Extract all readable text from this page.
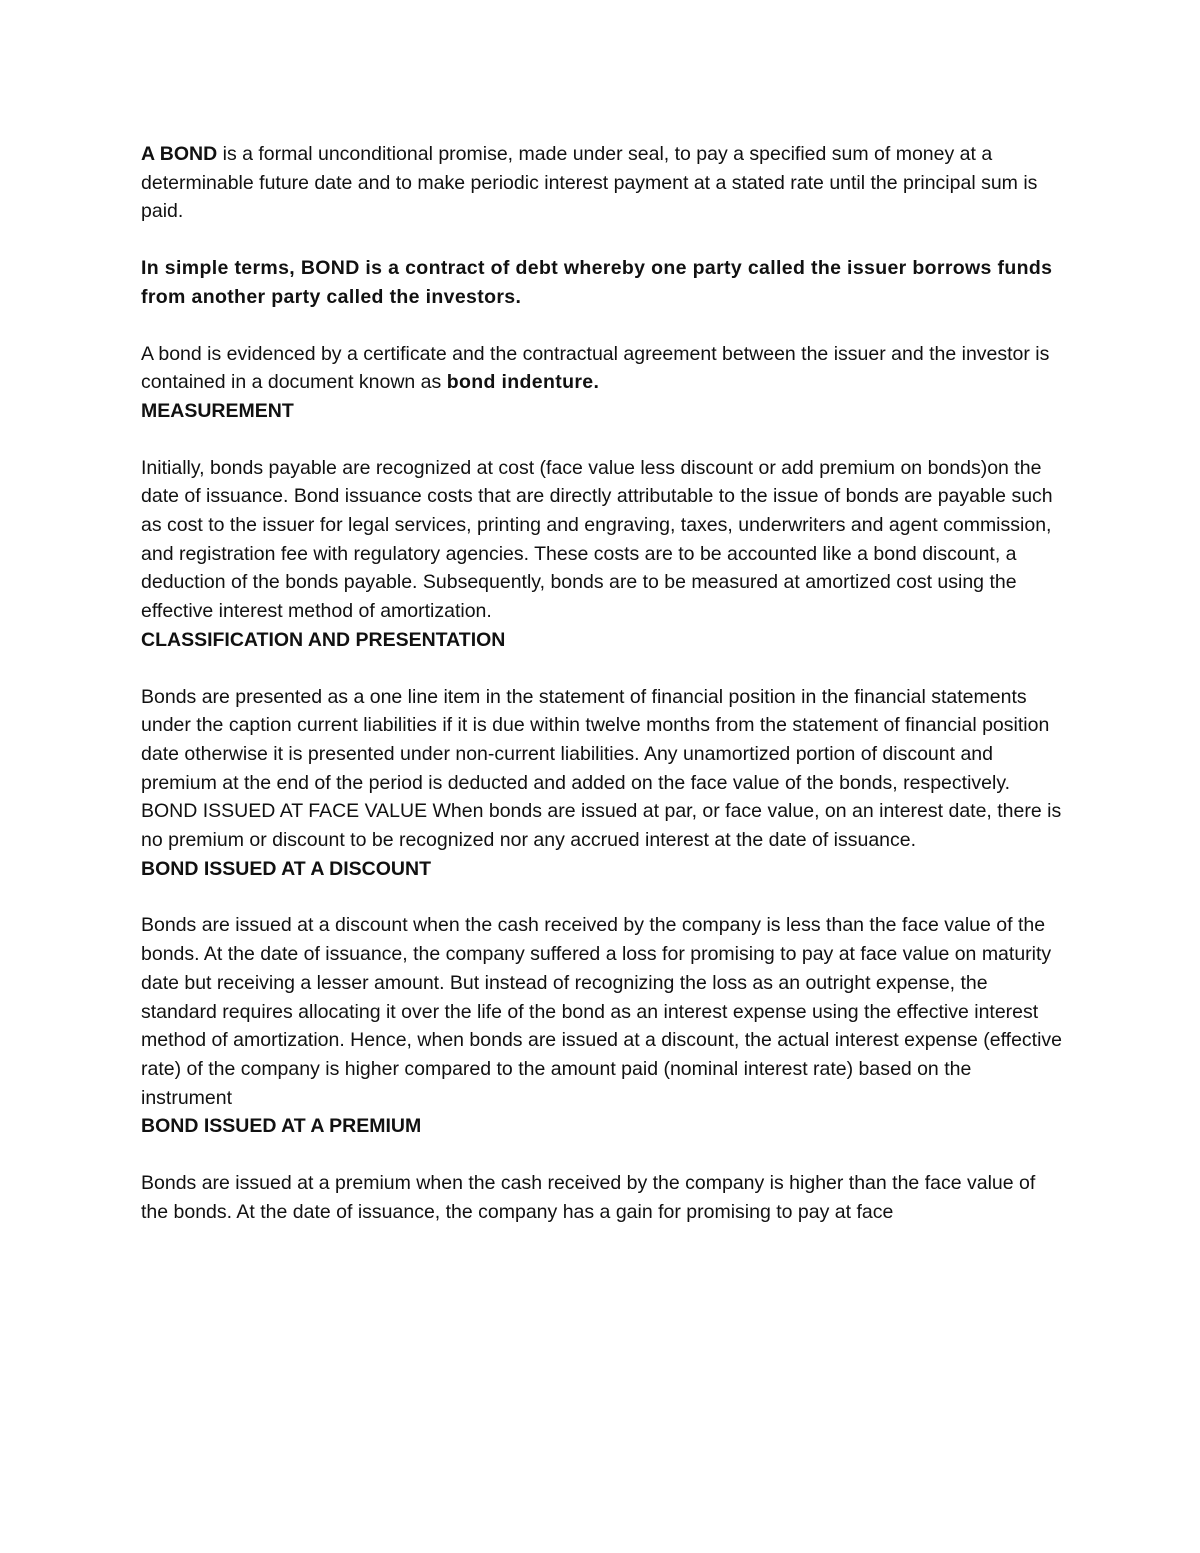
A BOND is a formal unconditional promise, made under seal, to pay a specified sum of money at a determinable future date and to make periodic interest payment at a stated rate until the principal sum is paid.

In simple terms, BOND is a contract of debt whereby one party called the issuer borrows funds from another party called the investors.

A bond is evidenced by a certificate and the contractual agreement between the issuer and the investor is contained in a document known as bond indenture.

MEASUREMENT

Initially, bonds payable are recognized at cost (face value less discount or add premium on bonds)on the date of issuance. Bond issuance costs that are directly attributable to the issue of bonds are payable such as cost to the issuer for legal services, printing and engraving, taxes, underwriters and agent commission, and registration fee with regulatory agencies. These costs are to be accounted like a bond discount, a deduction of the bonds payable. Subsequently, bonds are to be measured at amortized cost using the effective interest method of amortization.

CLASSIFICATION AND PRESENTATION

Bonds are presented as a one line item in the statement of financial position in the financial statements under the caption current liabilities if it is due within twelve months from the statement of financial position date otherwise it is presented under non-current liabilities. Any unamortized portion of discount and premium at the end of the period is deducted and added on the face value of the bonds, respectively. BOND ISSUED AT FACE VALUE When bonds are issued at par, or face value, on an interest date, there is no premium or discount to be recognized nor any accrued interest at the date of issuance.

BOND ISSUED AT A DISCOUNT

Bonds are issued at a discount when the cash received by the company is less than the face value of the bonds. At the date of issuance, the company suffered a loss for promising to pay at face value on maturity date but receiving a lesser amount. But instead of recognizing the loss as an outright expense, the standard requires allocating it over the life of the bond as an interest expense using the effective interest method of amortization. Hence, when bonds are issued at a discount, the actual interest expense (effective rate) of the company is higher compared to the amount paid (nominal interest rate) based on the instrument

BOND ISSUED AT A PREMIUM

Bonds are issued at a premium when the cash received by the company is higher than the face value of the bonds. At the date of issuance, the company has a gain for promising to pay at face
